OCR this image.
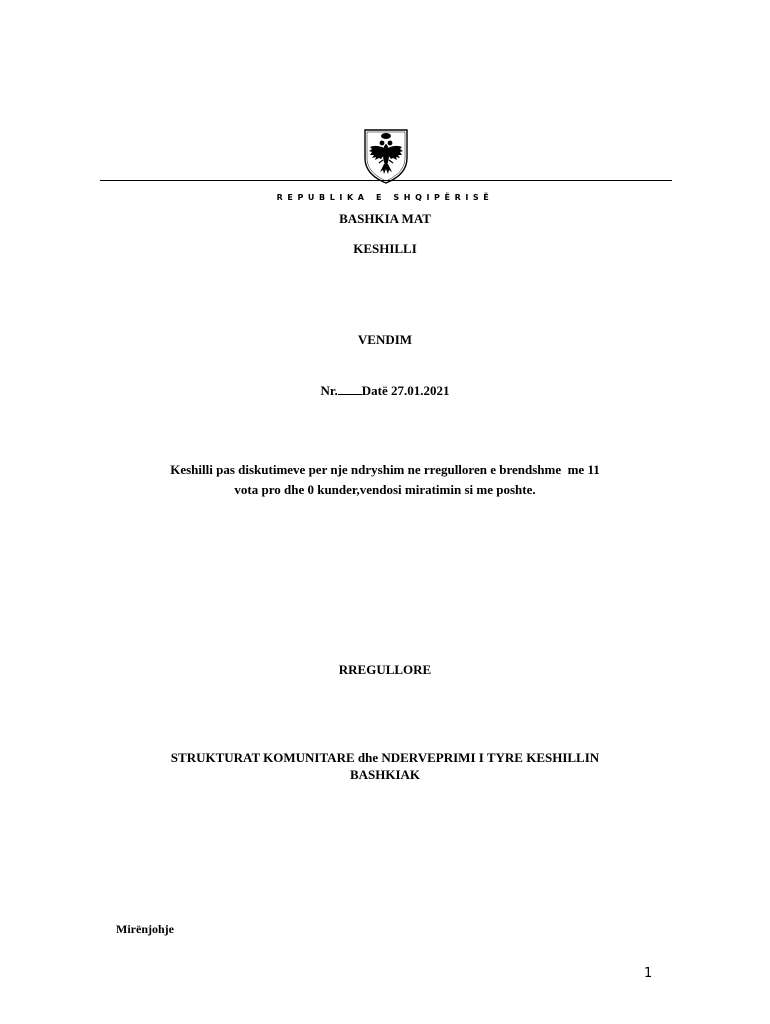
REPUBLIKA E SHQIPËRISË
BASHKIA MAT
KESHILLI
VENDIM
Nr. Datë 27.01.2021
Keshilli pas diskutimeve per nje ndryshim ne rregulloren e brendshme  me 11
vota pro dhe 0 kunder,vendosi miratimin si me poshte.
RREGULLORE
STRUKTURAT KOMUNITARE dhe NDERVEPRIMI I TYRE KESHILLIN
BASHKIAK
Mirënjohje
1
